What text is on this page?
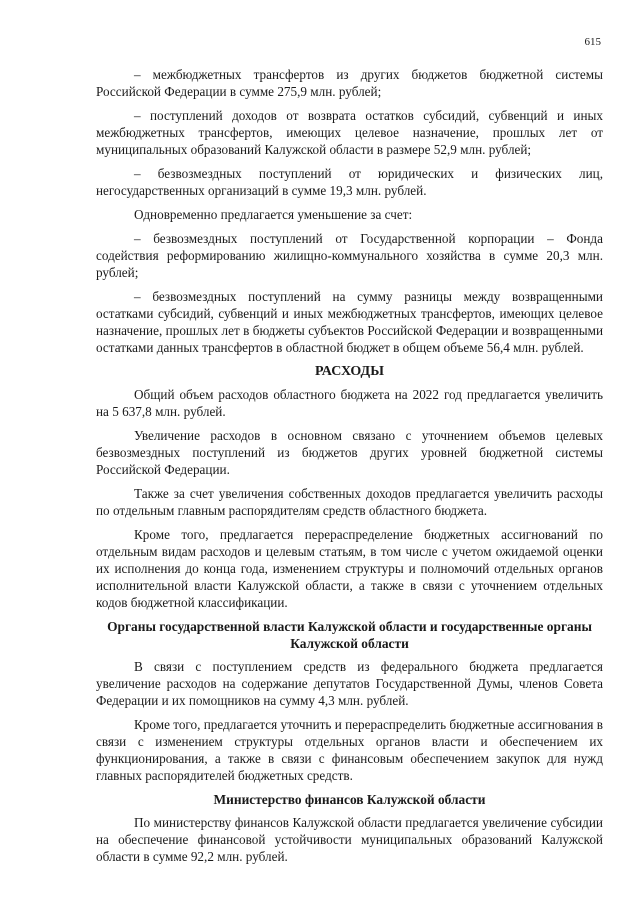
615

– межбюджетных трансфертов из других бюджетов бюджетной системы Российской Федерации в сумме 275,9 млн. рублей;

– поступлений доходов от возврата остатков субсидий, субвенций и иных межбюджетных трансфертов, имеющих целевое назначение, прошлых лет от муниципальных образований Калужской области в размере 52,9 млн. рублей;

– безвозмездных поступлений от юридических и физических лиц, негосударственных организаций в сумме 19,3 млн. рублей.

Одновременно предлагается уменьшение за счет:

– безвозмездных поступлений от Государственной корпорации – Фонда содействия реформированию жилищно-коммунального хозяйства в сумме 20,3 млн. рублей;

– безвозмездных поступлений на сумму разницы между возвращенными остатками субсидий, субвенций и иных межбюджетных трансфертов, имеющих целевое назначение, прошлых лет в бюджеты субъектов Российской Федерации и возвращенными остатками данных трансфертов в областной бюджет в общем объеме 56,4 млн. рублей.

РАСХОДЫ

Общий объем расходов областного бюджета на 2022 год предлагается увеличить на 5 637,8 млн. рублей.

Увеличение расходов в основном связано с уточнением объемов целевых безвозмездных поступлений из бюджетов других уровней бюджетной системы Российской Федерации.

Также за счет увеличения собственных доходов предлагается увеличить расходы по отдельным главным распорядителям средств областного бюджета.

Кроме того, предлагается перераспределение бюджетных ассигнований по отдельным видам расходов и целевым статьям, в том числе с учетом ожидаемой оценки их исполнения до конца года, изменением структуры и полномочий отдельных органов исполнительной власти Калужской области, а также в связи с уточнением отдельных кодов бюджетной классификации.

Органы государственной власти Калужской области и государственные органы Калужской области

В связи с поступлением средств из федерального бюджета предлагается увеличение расходов на содержание депутатов Государственной Думы, членов Совета Федерации и их помощников на сумму 4,3 млн. рублей.

Кроме того, предлагается уточнить и перераспределить бюджетные ассигнования в связи с изменением структуры отдельных органов власти и обеспечением их функционирования, а также в связи с финансовым обеспечением закупок для нужд главных распорядителей бюджетных средств.

Министерство финансов Калужской области

По министерству финансов Калужской области предлагается увеличение субсидии на обеспечение финансовой устойчивости муниципальных образований Калужской области в сумме 92,2 млн. рублей.
